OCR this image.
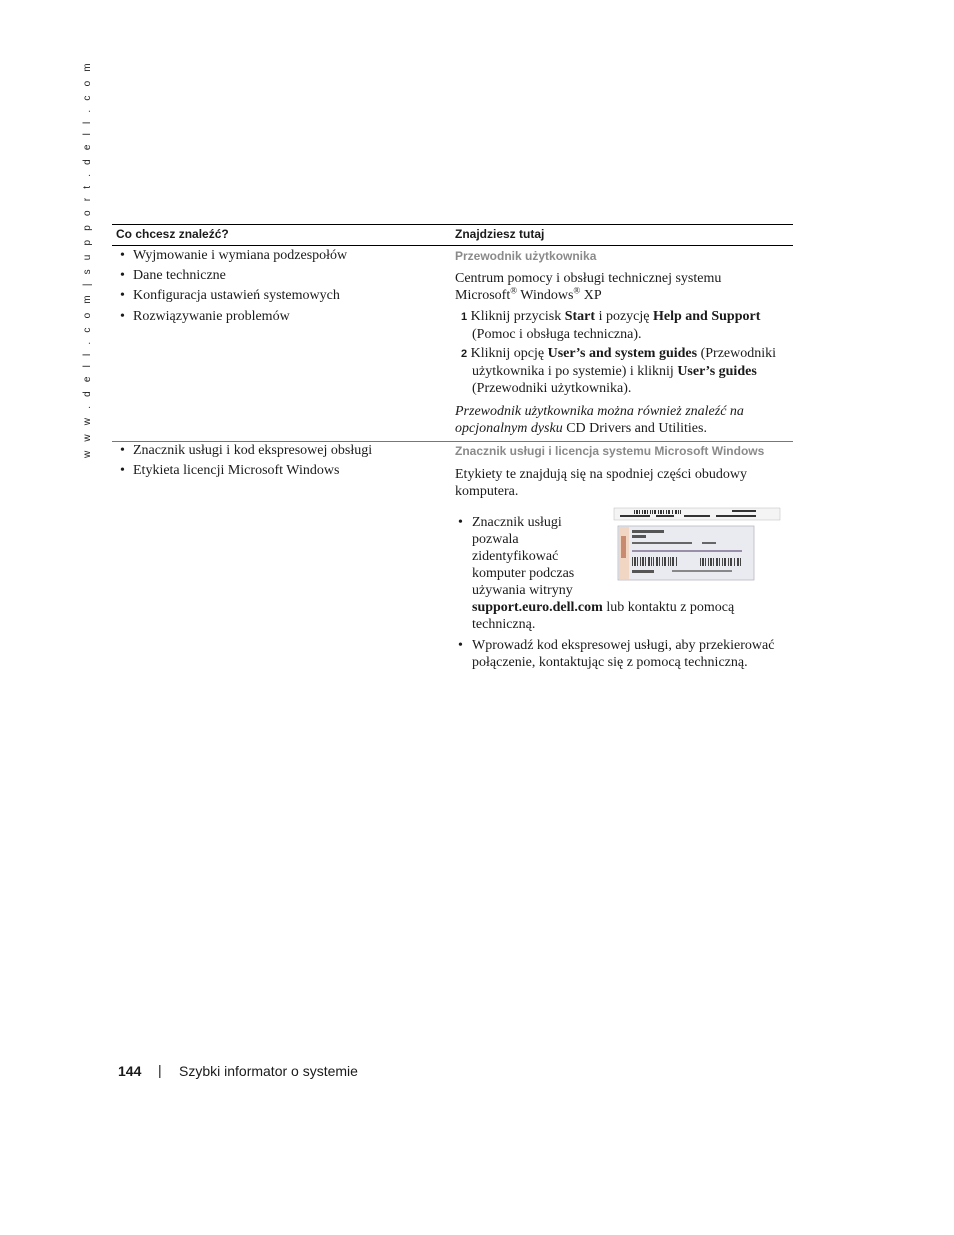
w w w . d e l l . c o m | s u p p o r t . d e l l . c o m Co chcesz znaleźć?	Znajdziesz tutaj
• Wyjmowanie i wymiana podzespołów
• Dane techniczne
• Konfiguracja ustawień systemowych
• Rozwiązywanie problemów
Przewodnik użytkownika
Centrum pomocy i obsługi technicznej systemu
Microsoft® Windows® XP
1 Kliknij przycisk Start i pozycję Help and Support
(Pomoc i obsługa techniczna).
2 Kliknij opcję User’s and system guides (Przewodniki
użytkownika i po systemie) i kliknij User’s guides
(Przewodniki użytkownika).
Przewodnik użytkownika można również znaleźć na
opcjonalnym dysku CD Drivers and Utilities.
• Znacznik usługi i kod ekspresowej obsługi
• Etykieta licencji Microsoft Windows
Znacznik usługi i licencja systemu Microsoft Windows
Etykiety te znajdują się na spodniej części obudowy
komputera.
• Znacznik usługi
pozwala
zidentyfikować
komputer podczas
używania witryny
support.euro.dell.com lub kontaktu z pomocą
techniczną.
• Wprowadź kod ekspresowej usługi, aby przekierować
połączenie, kontaktując się z pomocą techniczną.
144 | Szybki informator o systemie
